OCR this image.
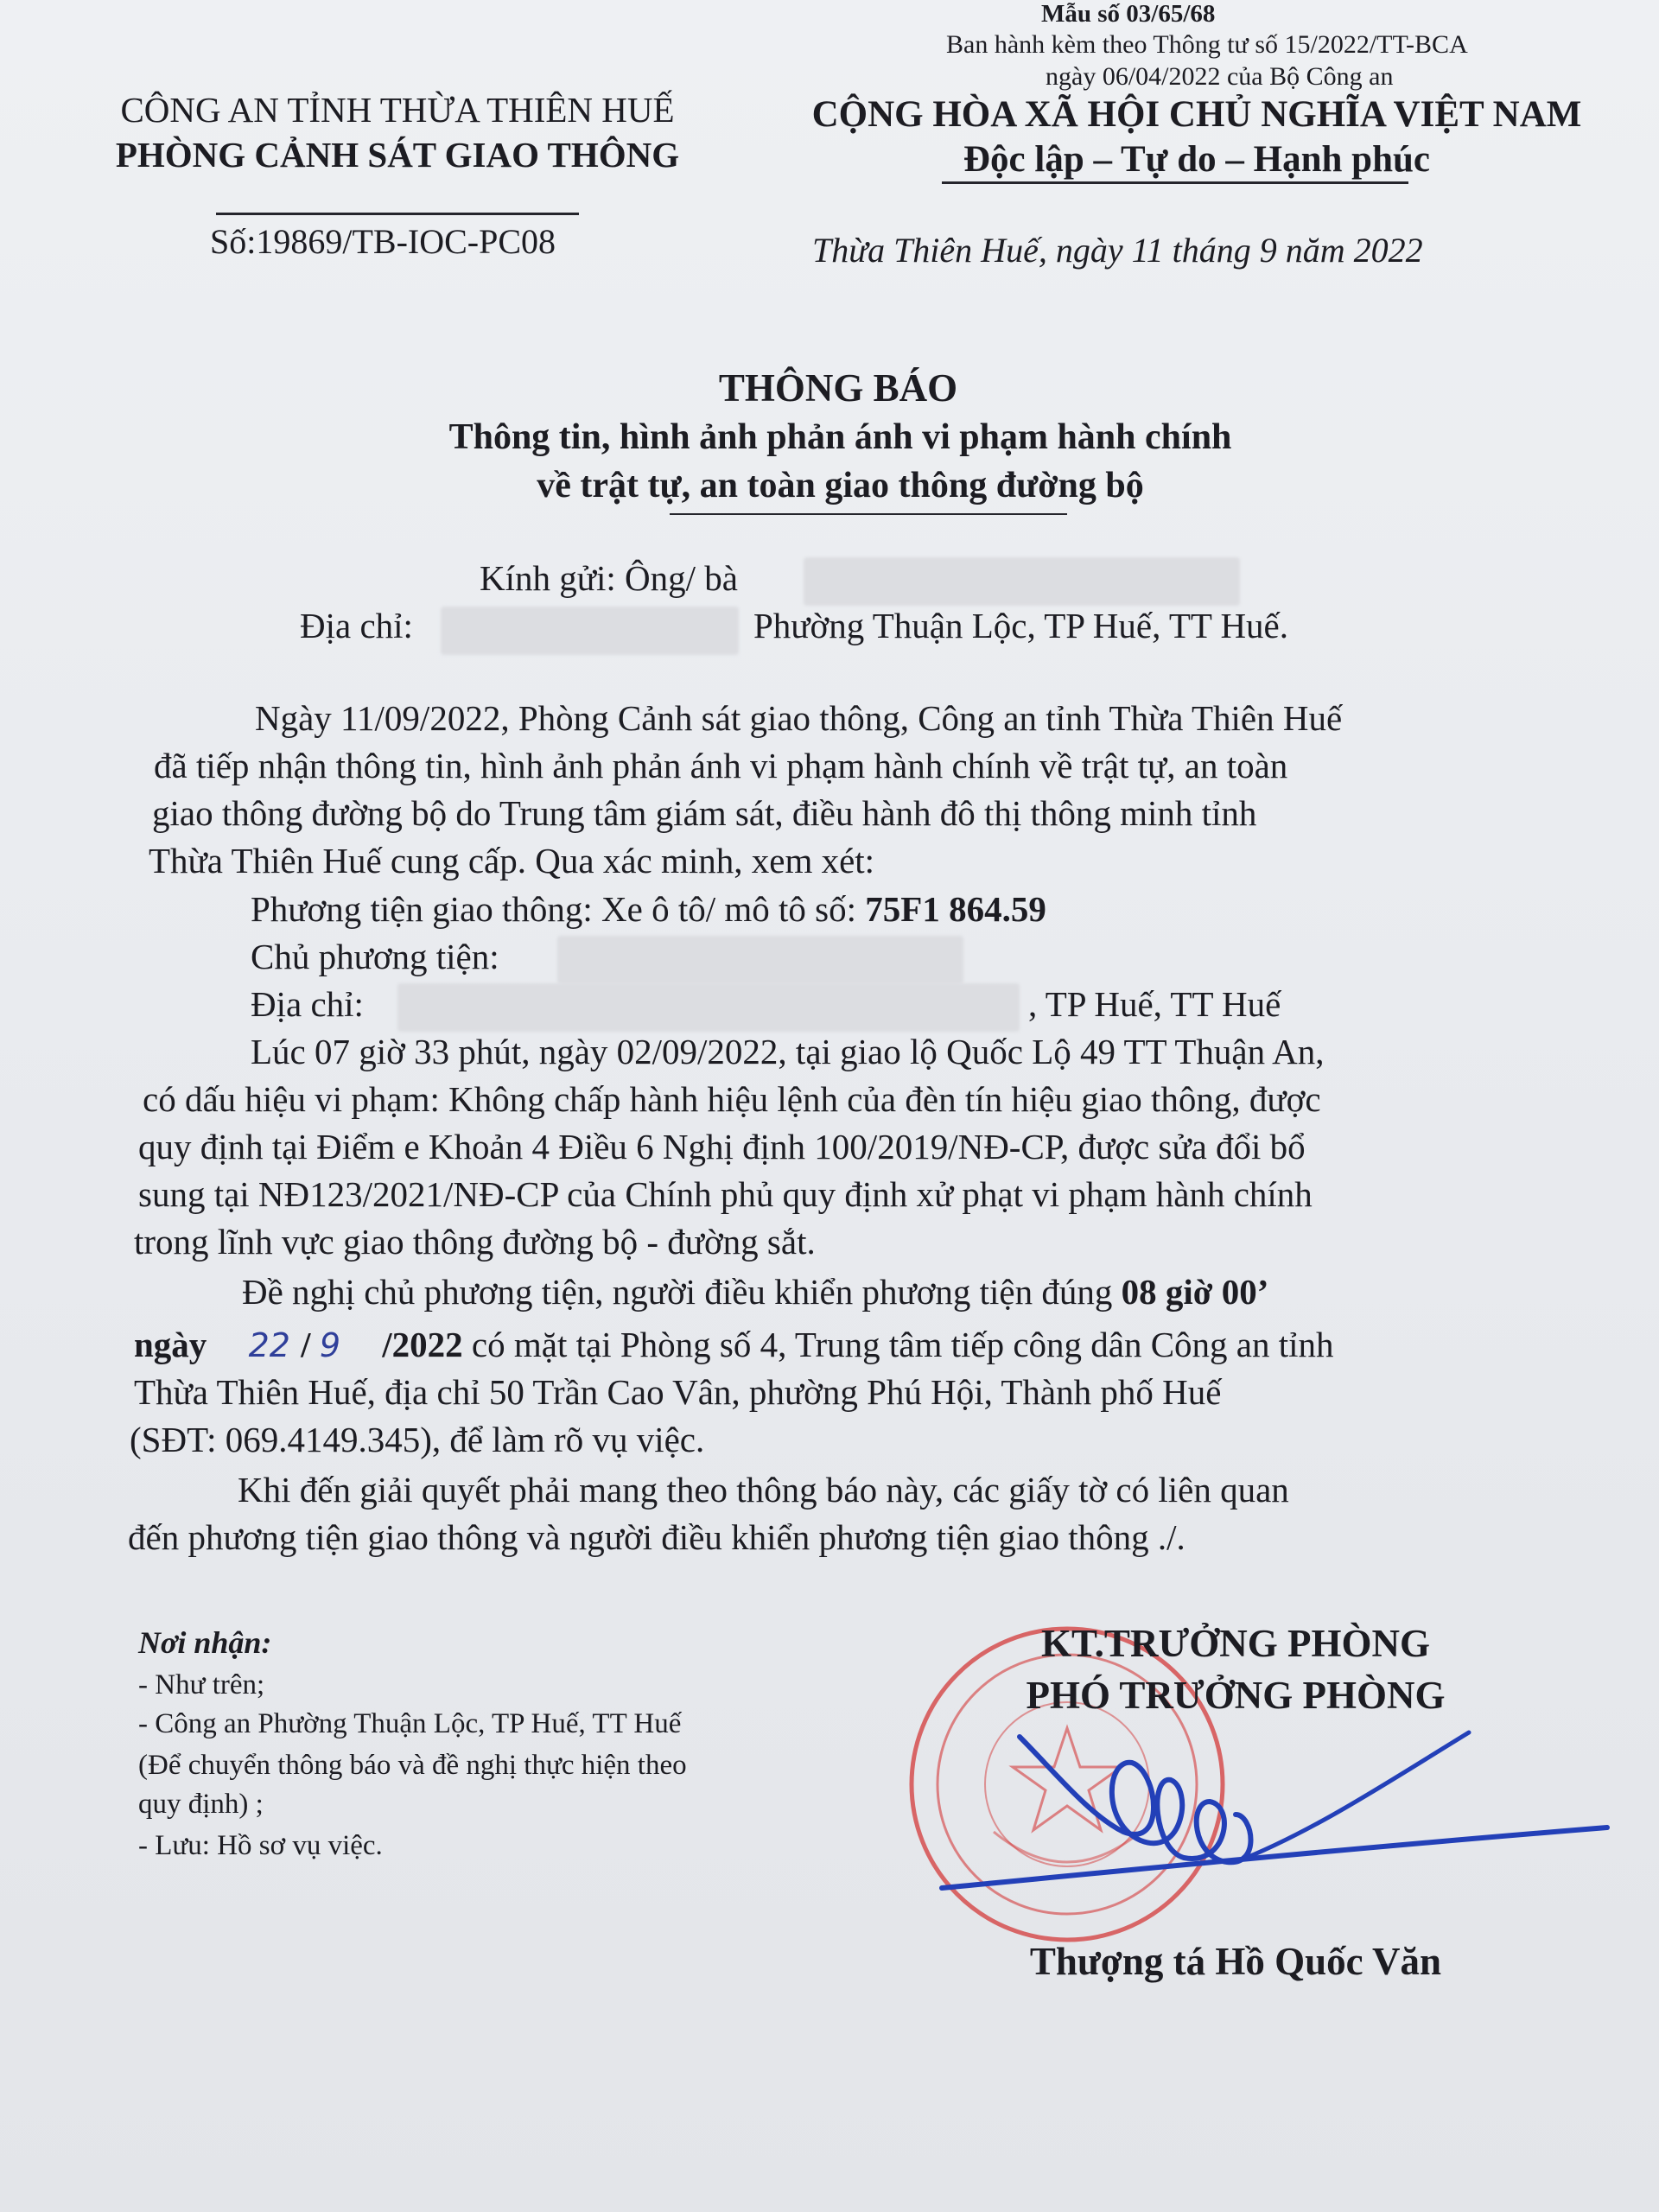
Mẫu số 03/65/68
Ban hành kèm theo Thông tư số 15/2022/TT-BCA
ngày 06/04/2022 của Bộ Công an
CÔNG AN TỈNH THỪA THIÊN HUẾ
PHÒNG CẢNH SÁT GIAO THÔNG
CỘNG HÒA XÃ HỘI CHỦ NGHĨA VIỆT NAM
Độc lập – Tự do – Hạnh phúc
Số:19869/TB-IOC-PC08	Thừa Thiên Huế, ngày 11 tháng 9 năm 2022
THÔNG BÁO
Thông tin, hình ảnh phản ánh vi phạm hành chính
về trật tự, an toàn giao thông đường bộ
Kính gửi: Ông/ bà
Địa chỉ:	Phường Thuận Lộc, TP Huế, TT Huế.
Ngày 11/09/2022, Phòng Cảnh sát giao thông, Công an tỉnh Thừa Thiên Huế
đã tiếp nhận thông tin, hình ảnh phản ánh vi phạm hành chính về trật tự, an toàn
giao thông đường bộ do Trung tâm giám sát, điều hành đô thị thông minh tỉnh
Thừa Thiên Huế cung cấp. Qua xác minh, xem xét:
Phương tiện giao thông: Xe ô tô/ mô tô số: 75F1 864.59
Chủ phương tiện:
Địa chỉ:	, TP Huế, TT Huế
Lúc 07 giờ 33 phút, ngày 02/09/2022, tại giao lộ Quốc Lộ 49 TT Thuận An,
có dấu hiệu vi phạm: Không chấp hành hiệu lệnh của đèn tín hiệu giao thông, được
quy định tại Điểm e Khoản 4 Điều 6 Nghị định 100/2019/NĐ-CP, được sửa đổi bổ
sung tại NĐ123/2021/NĐ-CP của Chính phủ quy định xử phạt vi phạm hành chính
trong lĩnh vực giao thông đường bộ - đường sắt.
Đề nghị chủ phương tiện, người điều khiển phương tiện đúng 08 giờ 00’
ngày 22 / 9 /2022 có mặt tại Phòng số 4, Trung tâm tiếp công dân Công an tỉnh
Thừa Thiên Huế, địa chỉ 50 Trần Cao Vân, phường Phú Hội, Thành phố Huế
(SĐT: 069.4149.345), để làm rõ vụ việc.
Khi đến giải quyết phải mang theo thông báo này, các giấy tờ có liên quan
đến phương tiện giao thông và người điều khiển phương tiện giao thông ./.
Nơi nhận:
- Như trên;
- Công an Phường Thuận Lộc, TP Huế, TT Huế
(Để chuyển thông báo và đề nghị thực hiện theo
quy định) ;
- Lưu: Hồ sơ vụ việc.
KT.TRƯỞNG PHÒNG
PHÓ TRƯỞNG PHÒNG
Thượng tá Hồ Quốc Văn
